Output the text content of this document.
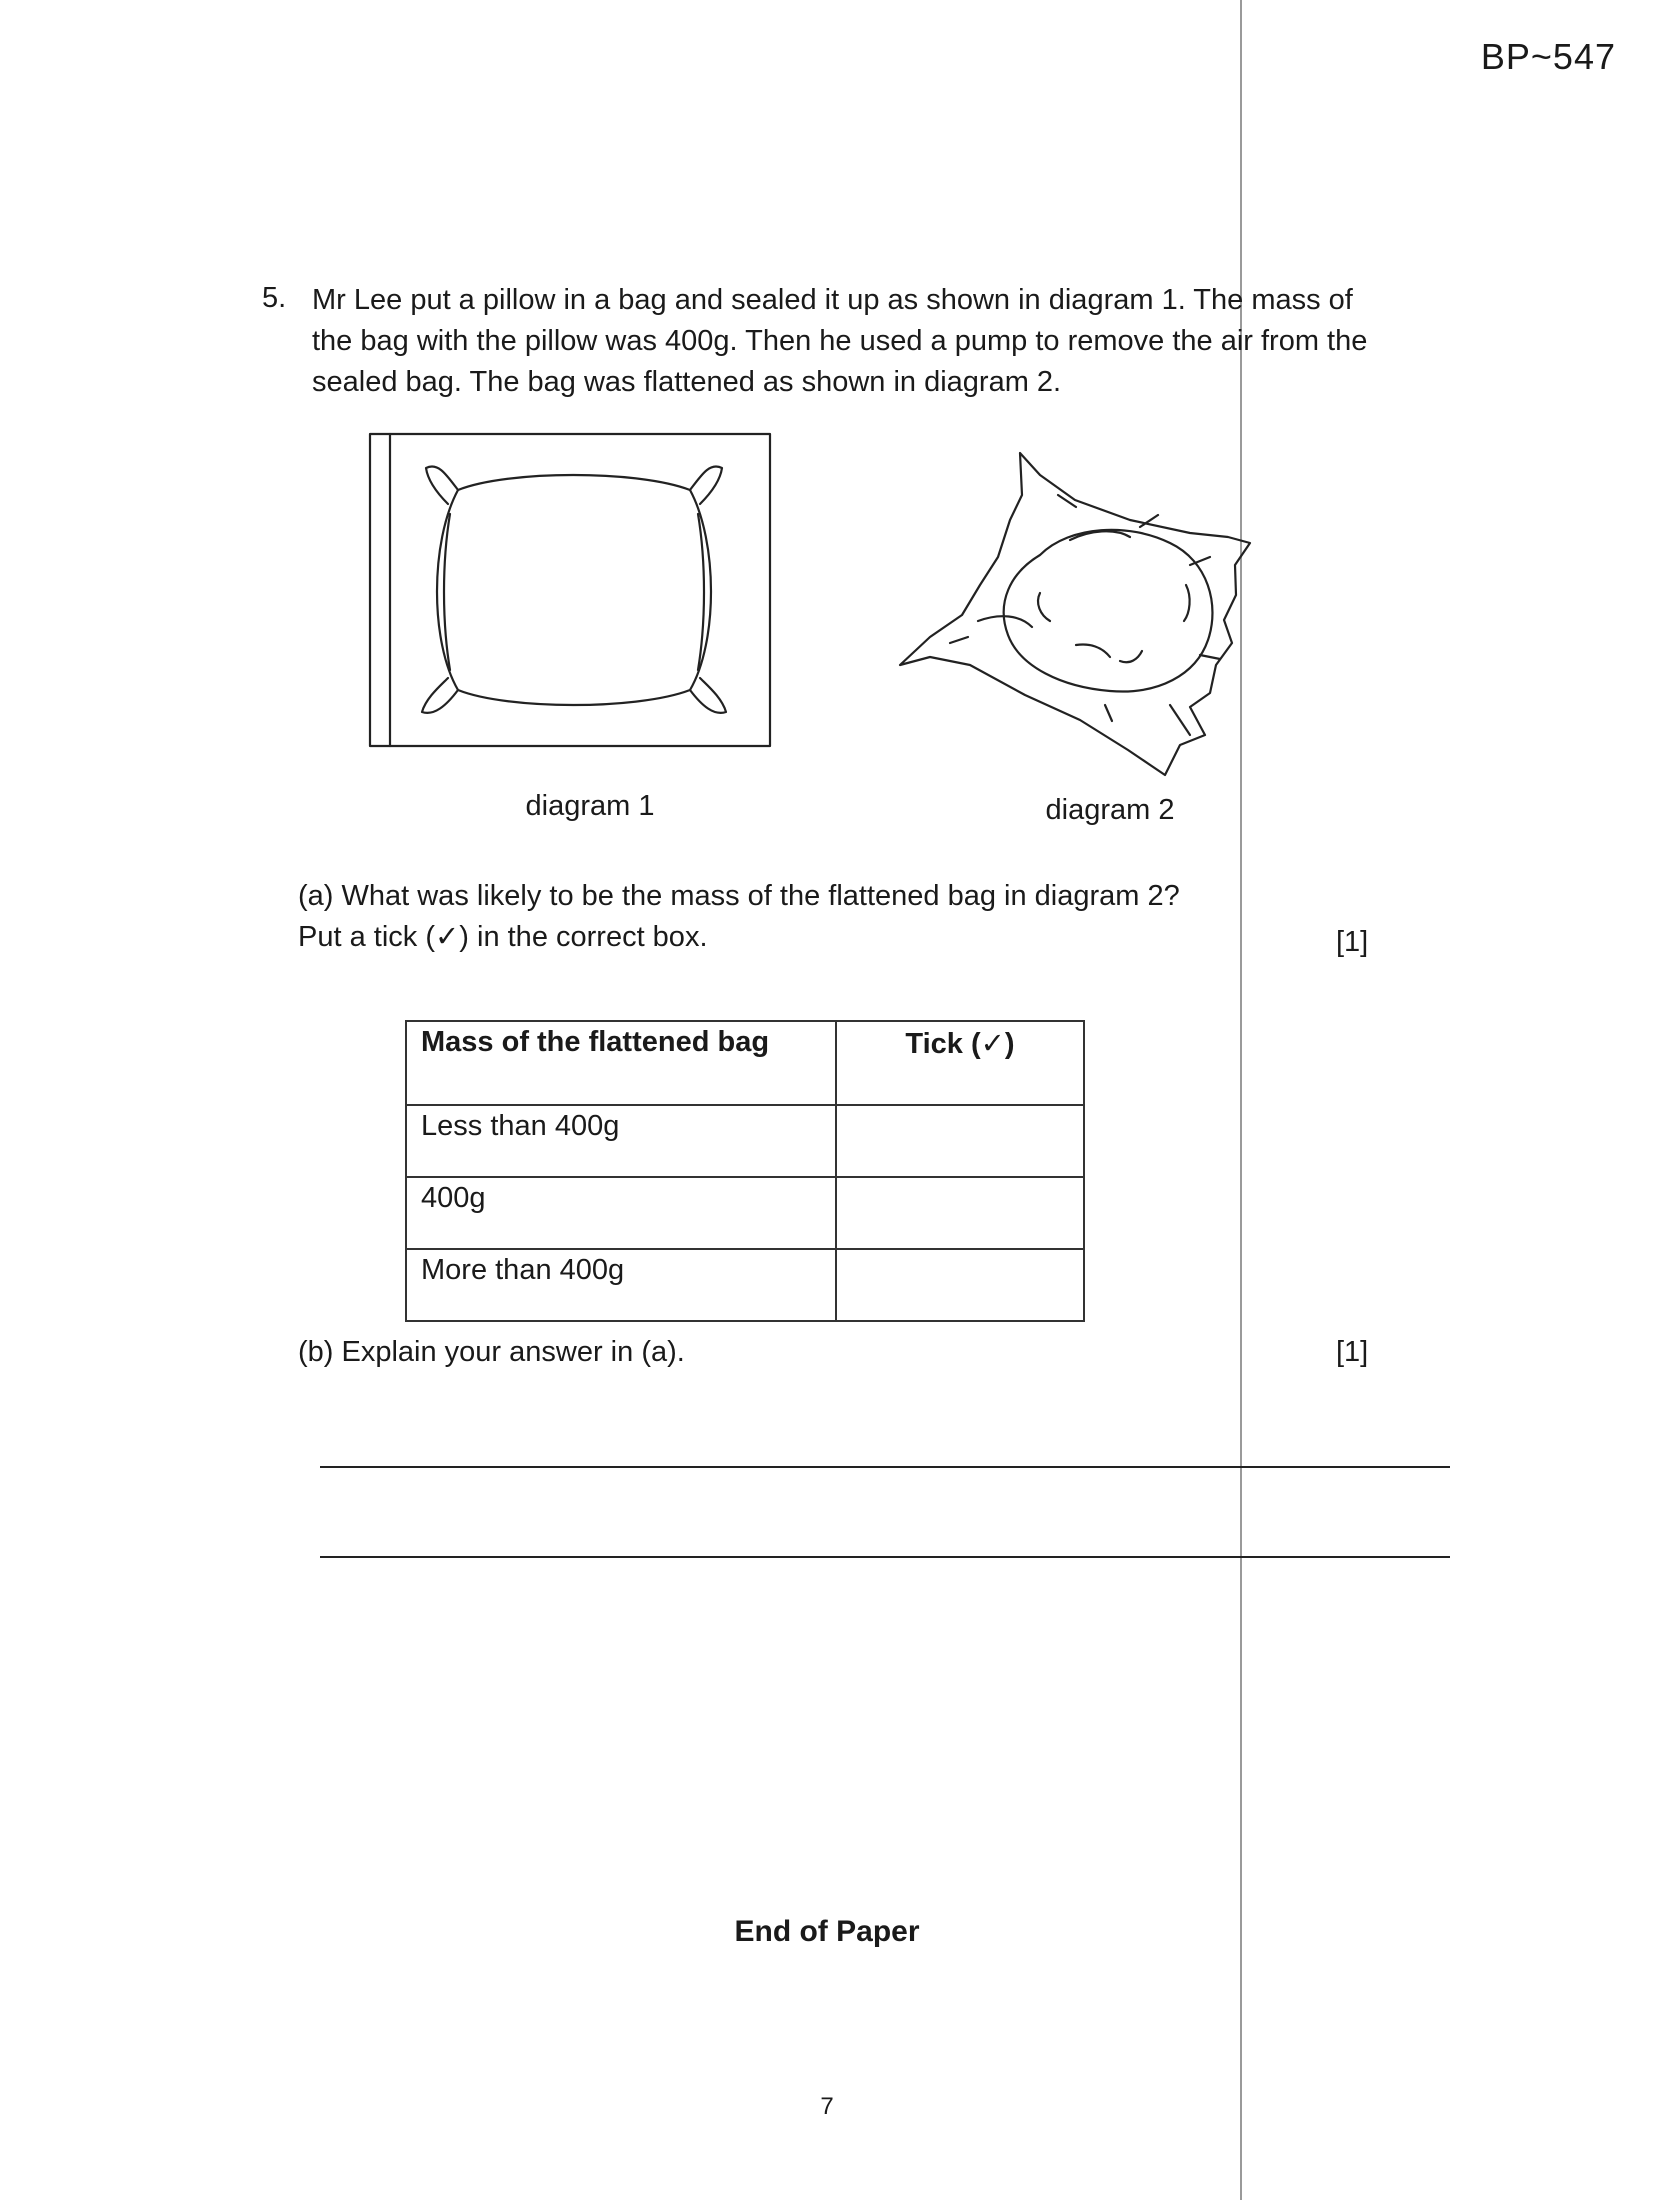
BP~547
5. Mr Lee put a pillow in a bag and sealed it up as shown in diagram 1. The mass of
the bag with the pillow was 400g. Then he used a pump to remove the air from the
sealed bag. The bag was flattened as shown in diagram 2.
diagram 1	diagram 2
(a) What was likely to be the mass of the flattened bag in diagram 2?
Put a tick (✓) in the correct box.	[1]
Mass of the flattened bag	Tick (✓)
Less than 400g	
400g	
More than 400g	
(b) Explain your answer in (a).	[1]
End of Paper
7
